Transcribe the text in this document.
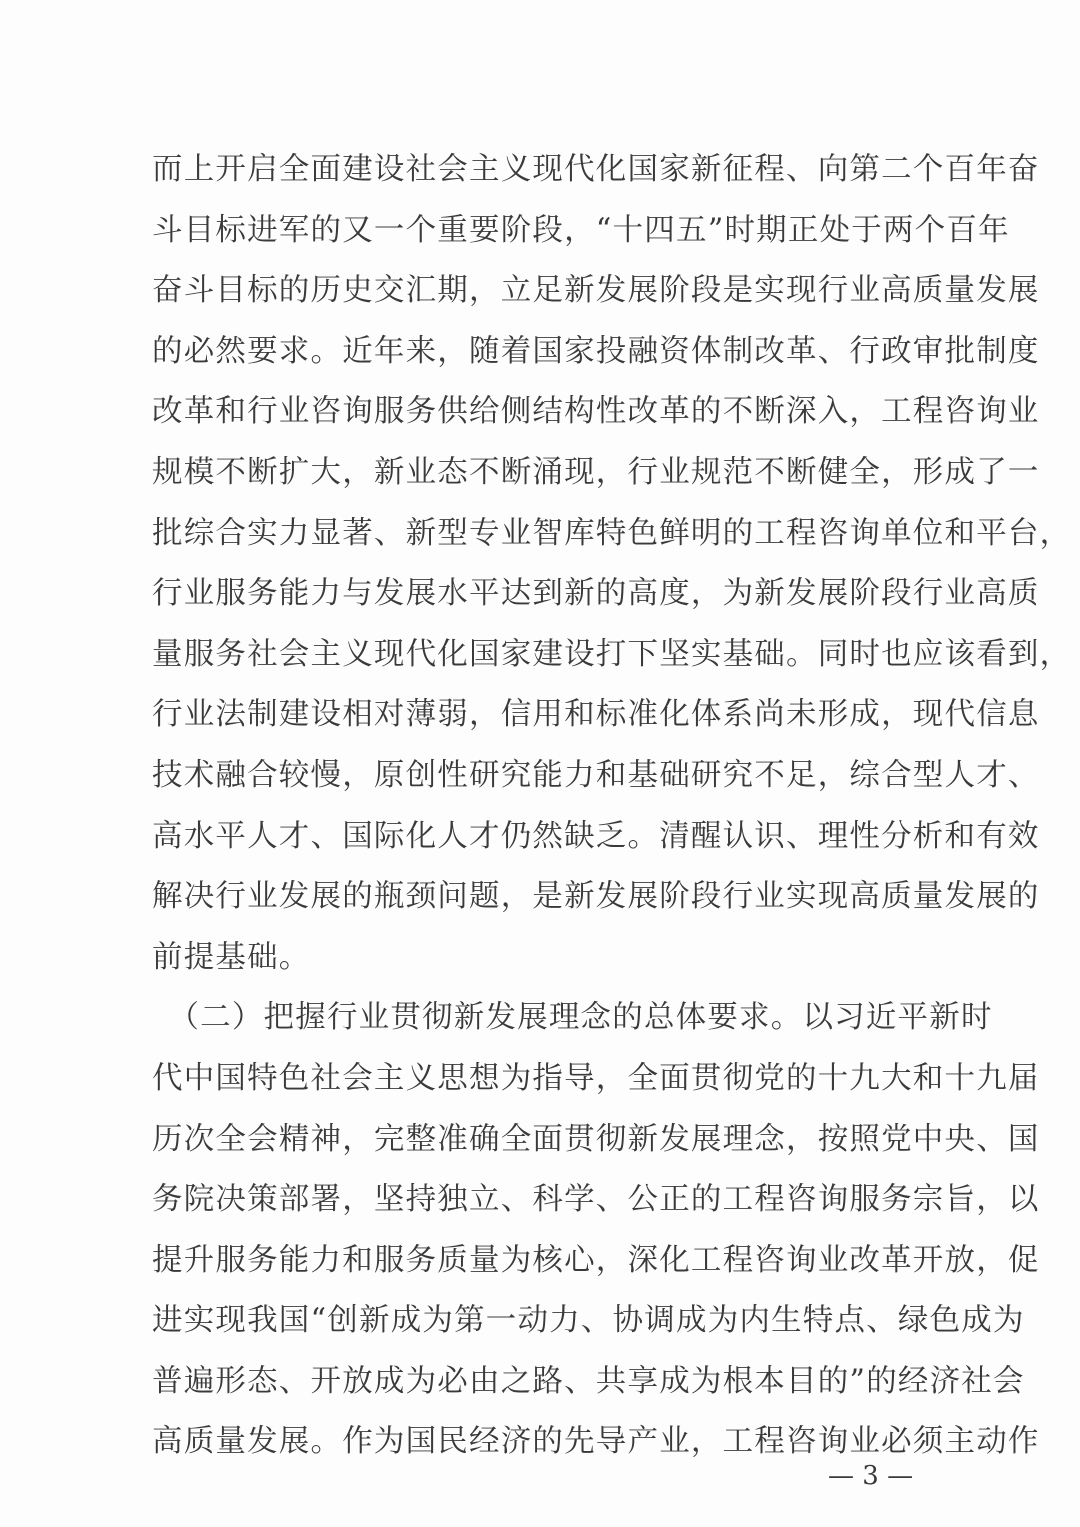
而上开启全面建设社会主义现代化国家新征程、向第二个百年奋
斗目标进军的又一个重要阶段，“十四五”时期正处于两个百年
奋斗目标的历史交汇期，立足新发展阶段是实现行业高质量发展
的必然要求。近年来，随着国家投融资体制改革、行政审批制度
改革和行业咨询服务供给侧结构性改革的不断深入，工程咨询业
规模不断扩大，新业态不断涌现，行业规范不断健全，形成了一
批综合实力显著、新型专业智库特色鲜明的工程咨询单位和平台，
行业服务能力与发展水平达到新的高度，为新发展阶段行业高质
量服务社会主义现代化国家建设打下坚实基础。同时也应该看到，
行业法制建设相对薄弱，信用和标准化体系尚未形成，现代信息
技术融合较慢，原创性研究能力和基础研究不足，综合型人才、
高水平人才、国际化人才仍然缺乏。清醒认识、理性分析和有效
解决行业发展的瓶颈问题，是新发展阶段行业实现高质量发展的
前提基础。
　（二）把握行业贯彻新发展理念的总体要求。以习近平新时
代中国特色社会主义思想为指导，全面贯彻党的十九大和十九届
历次全会精神，完整准确全面贯彻新发展理念，按照党中央、国
务院决策部署，坚持独立、科学、公正的工程咨询服务宗旨，以
提升服务能力和服务质量为核心，深化工程咨询业改革开放，促
进实现我国“创新成为第一动力、协调成为内生特点、绿色成为
普遍形态、开放成为必由之路、共享成为根本目的”的经济社会
高质量发展。作为国民经济的先导产业，工程咨询业必须主动作
— 3 —
